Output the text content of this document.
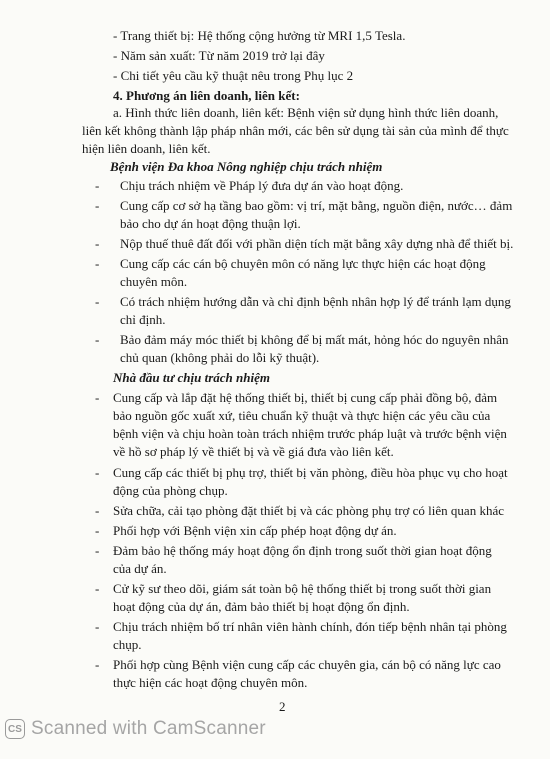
- Trang thiết bị: Hệ thống cộng hưởng từ MRI 1,5 Tesla.
- Năm sản xuất: Từ năm 2019 trở lại đây
- Chi tiết yêu cầu kỹ thuật nêu trong Phụ lục 2
4. Phương án liên doanh, liên kết:
a. Hình thức liên doanh, liên kết: Bệnh viện sử dụng hình thức liên doanh,
liên kết không thành lập pháp nhân mới, các bên sử dụng tài sản của mình để thực
hiện liên doanh, liên kết.
Bệnh viện Đa khoa Nông nghiệp chịu trách nhiệm
- Chịu trách nhiệm về Pháp lý đưa dự án vào hoạt động.
- Cung cấp cơ sở hạ tầng bao gồm: vị trí, mặt bằng, nguồn điện, nước… đảm
bảo cho dự án hoạt động thuận lợi.
- Nộp thuế thuê đất đối với phần diện tích mặt bằng xây dựng nhà để thiết bị.
- Cung cấp các cán bộ chuyên môn có năng lực thực hiện các hoạt động
chuyên môn.
- Có trách nhiệm hướng dẫn và chỉ định bệnh nhân hợp lý để tránh lạm dụng
chỉ định.
- Bảo đảm máy móc thiết bị không để bị mất mát, hỏng hóc do nguyên nhân
chủ quan (không phải do lỗi kỹ thuật).
Nhà đầu tư chịu trách nhiệm
- Cung cấp và lắp đặt hệ thống thiết bị, thiết bị cung cấp phải đồng bộ, đảm
bảo nguồn gốc xuất xứ, tiêu chuẩn kỹ thuật và thực hiện các yêu cầu của
bệnh viện và chịu hoàn toàn trách nhiệm trước pháp luật và trước bệnh viện
về hồ sơ pháp lý về thiết bị và về giá đưa vào liên kết.
- Cung cấp các thiết bị phụ trợ, thiết bị văn phòng, điều hòa phục vụ cho hoạt
động của phòng chụp.
- Sửa chữa, cải tạo phòng đặt thiết bị và các phòng phụ trợ có liên quan khác
- Phối hợp với Bệnh viện xin cấp phép hoạt động dự án.
- Đảm bảo hệ thống máy hoạt động ổn định trong suốt thời gian hoạt động
của dự án.
- Cử kỹ sư theo dõi, giám sát toàn bộ hệ thống thiết bị trong suốt thời gian
hoạt động của dự án, đảm bảo thiết bị hoạt động ổn định.
- Chịu trách nhiệm bố trí nhân viên hành chính, đón tiếp bệnh nhân tại phòng
chụp.
- Phối hợp cùng Bệnh viện cung cấp các chuyên gia, cán bộ có năng lực cao
thực hiện các hoạt động chuyên môn.
2
CS Scanned with CamScanner
